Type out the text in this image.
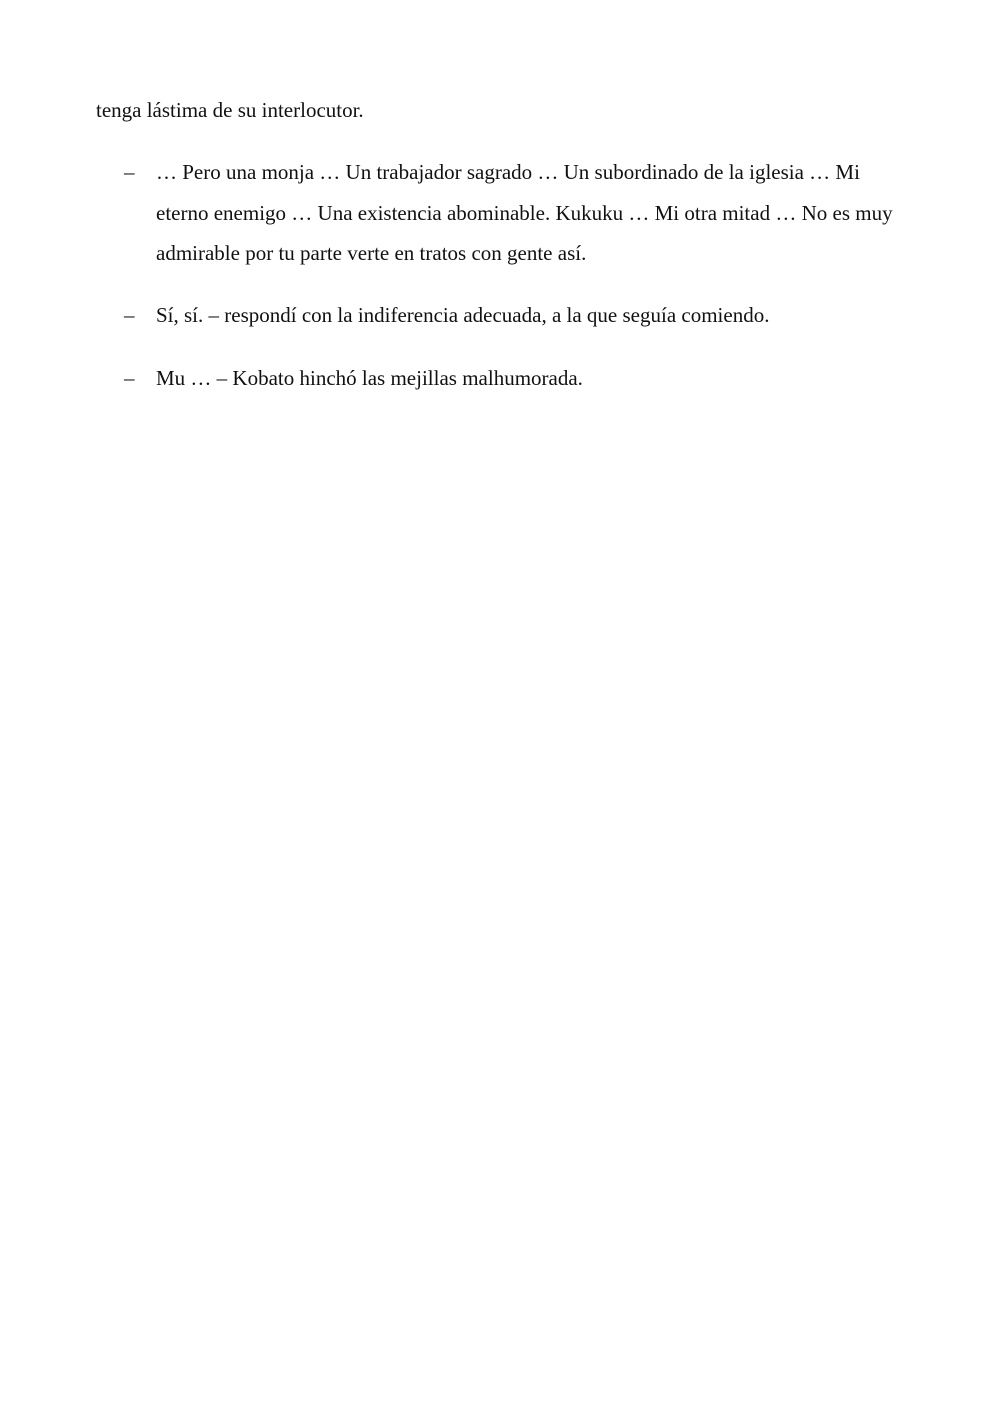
tenga lástima de su interlocutor.

–	… Pero una monja … Un trabajador sagrado … Un subordinado de la iglesia … Mi eterno enemigo … Una existencia abominable. Kukuku … Mi otra mitad … No es muy admirable por tu parte verte en tratos con gente así.
–	Sí, sí. – respondí con la indiferencia adecuada, a la que seguía comiendo.
–	Mu … – Kobato hinchó las mejillas malhumorada.
